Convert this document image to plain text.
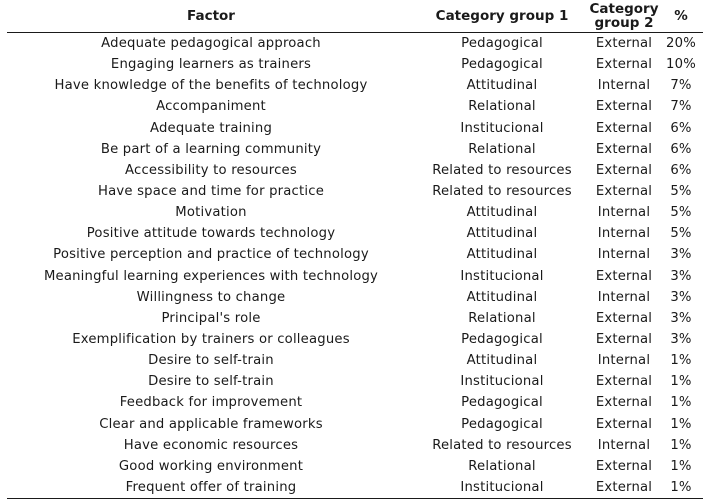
Factor	Category group 1	Category group 2	%
Adequate pedagogical approach	Pedagogical	External	20%
Engaging learners as trainers	Pedagogical	External	10%
Have knowledge of the benefits of technology	Attitudinal	Internal	7%
Accompaniment	Relational	External	7%
Adequate training	Institucional	External	6%
Be part of a learning community	Relational	External	6%
Accessibility to resources	Related to resources	External	6%
Have space and time for practice	Related to resources	External	5%
Motivation	Attitudinal	Internal	5%
Positive attitude towards technology	Attitudinal	Internal	5%
Positive perception and practice of technology	Attitudinal	Internal	3%
Meaningful learning experiences with technology	Institucional	External	3%
Willingness to change	Attitudinal	Internal	3%
Principal's role	Relational	External	3%
Exemplification by trainers or colleagues	Pedagogical	External	3%
Desire to self-train	Attitudinal	Internal	1%
Desire to self-train	Institucional	External	1%
Feedback for improvement	Pedagogical	External	1%
Clear and applicable frameworks	Pedagogical	External	1%
Have economic resources	Related to resources	Internal	1%
Good working environment	Relational	External	1%
Frequent offer of training	Institucional	External	1%
